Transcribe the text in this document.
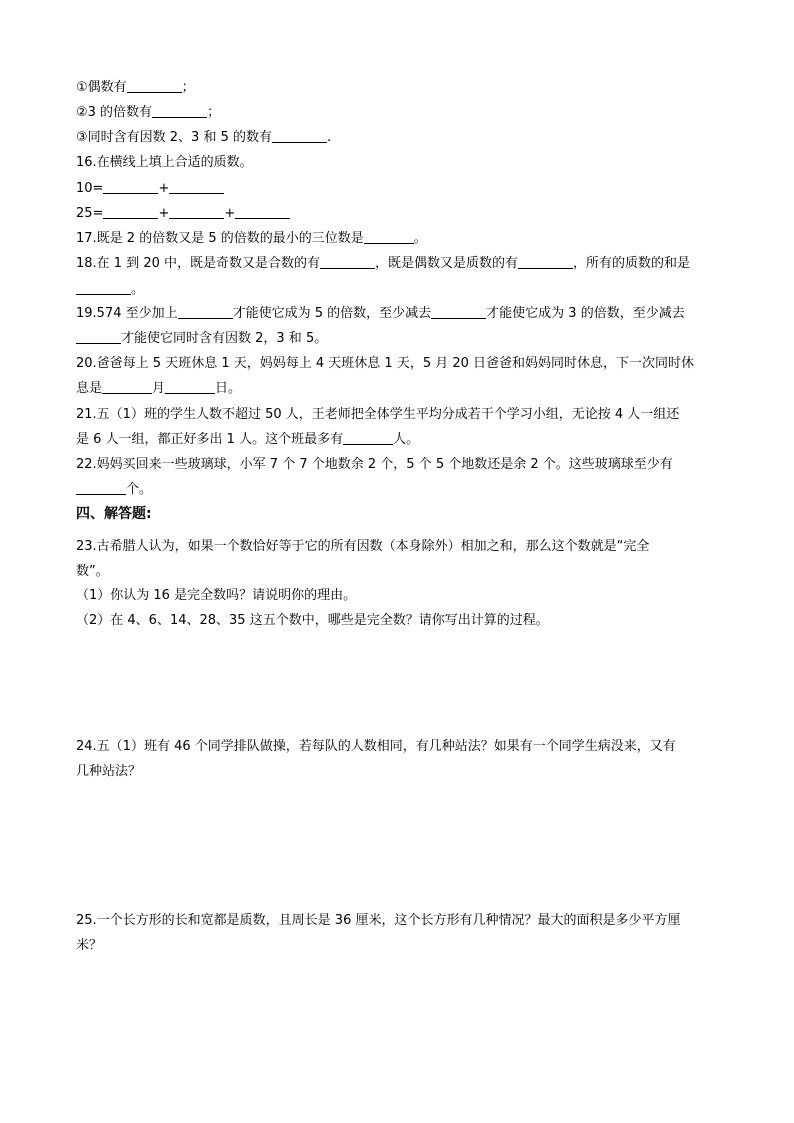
①偶数有	；
②3 的倍数有	；
③同时含有因数 2、3 和 5 的数有	.
16.在横线上填上合适的质数。
10=	+
25=	+	+
17.既是 2 的倍数又是 5 的倍数的最小的三位数是	。
18.在 1 到 20 中，既是奇数又是合数的有	，既是偶数又是质数的有	，所有的质数的和是
。
19.574 至少加上	才能使它成为 5 的倍数，至少减去	才能使它成为 3 的倍数，至少减去
才能使它同时含有因数 2，3 和 5。
20.爸爸每上 5 天班休息 1 天，妈妈每上 4 天班休息 1 天，5 月 20 日爸爸和妈妈同时休息，下一次同时休
息是	月	日。
21.五（1）班的学生人数不超过 50 人，王老师把全体学生平均分成若干个学习小组，无论按 4 人一组还
是 6 人一组，都正好多出 1 人。这个班最多有	人。
22.妈妈买回来一些玻璃球，小军 7 个 7 个地数余 2 个，5 个 5 个地数还是余 2 个。这些玻璃球至少有
个。
四、解答题:
23.古希腊人认为，如果一个数恰好等于它的所有因数（本身除外）相加之和，那么这个数就是“完全
数”。
（1）你认为 16 是完全数吗？请说明你的理由。
（2）在 4、6、14、28、35 这五个数中，哪些是完全数？请你写出计算的过程。
24.五（1）班有 46 个同学排队做操，若每队的人数相同，有几种站法？如果有一个同学生病没来，又有
几种站法？
25.一个长方形的长和宽都是质数，且周长是 36 厘米，这个长方形有几种情况？最大的面积是多少平方厘
米？
